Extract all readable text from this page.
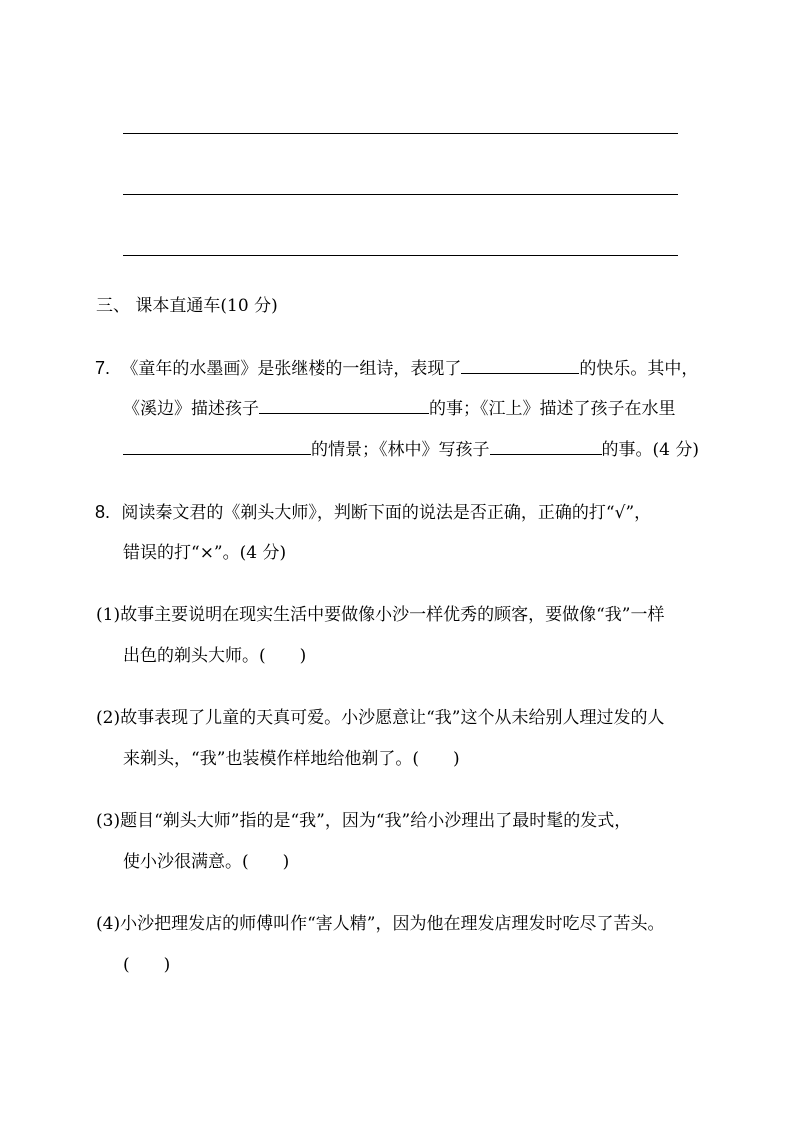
三、 课本直通车(10 分)
7. 《童年的水墨画》是张继楼的一组诗，表现了	的快乐。其中，
《溪边》描述孩子	的事；《江上》描述了孩子在水里
的情景；《林中》写孩子	的事。(4 分)
8. 阅读秦文君的《剃头大师》，判断下面的说法是否正确，正确的打“√”，
错误的打“×”。(4 分)
(1)故事主要说明在现实生活中要做像小沙一样优秀的顾客，要做像“我”一样
出色的剃头大师。(　　)
(2)故事表现了儿童的天真可爱。小沙愿意让“我”这个从未给别人理过发的人
来剃头，“我”也装模作样地给他剃了。(　　)
(3)题目“剃头大师”指的是“我”，因为“我”给小沙理出了最时髦的发式，
使小沙很满意。(　　)
(4)小沙把理发店的师傅叫作“害人精”，因为他在理发店理发时吃尽了苦头。
(　　)
